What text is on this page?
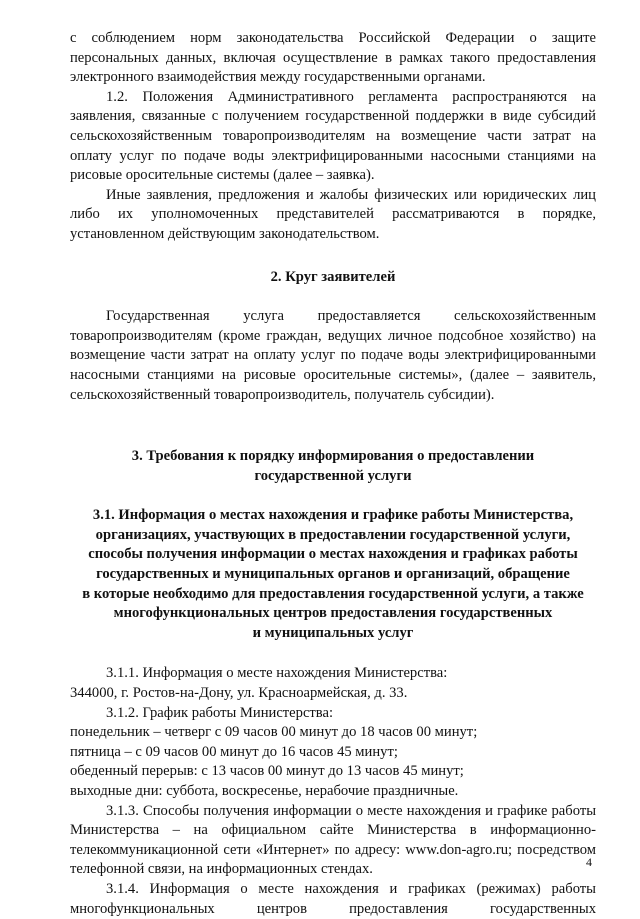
с соблюдением норм законодательства Российской Федерации о защите персональных данных, включая осуществление в рамках такого предоставления электронного взаимодействия между государственными органами.

1.2. Положения Административного регламента распространяются на заявления, связанные с получением государственной поддержки в виде субсидий сельскохозяйственным товаропроизводителям на возмещение части затрат на оплату услуг по подаче воды электрифицированными насосными станциями на рисовые оросительные системы (далее – заявка).

Иные заявления, предложения и жалобы физических или юридических лиц либо их уполномоченных представителей рассматриваются в порядке, установленном действующим законодательством.

2. Круг заявителей

Государственная услуга предоставляется сельскохозяйственным товаропроизводителям (кроме граждан, ведущих личное подсобное хозяйство) на возмещение части затрат на оплату услуг по подаче воды электрифицированными насосными станциями на рисовые оросительные системы», (далее – заявитель, сельскохозяйственный товаропроизводитель, получатель субсидии).

3. Требования к порядку информирования о предоставлении
государственной услуги
3.1. Информация о местах нахождения и графике работы Министерства,
организациях, участвующих в предоставлении государственной услуги,
способы получения информации о местах нахождения и графиках работы
государственных и муниципальных органов и организаций, обращение
в которые необходимо для предоставления государственной услуги, а также
многофункциональных центров предоставления государственных
и муниципальных услуг

3.1.1. Информация о месте нахождения Министерства:

344000, г. Ростов-на-Дону, ул. Красноармейская, д. 33.

3.1.2. График работы Министерства:

понедельник – четверг с 09 часов 00 минут до 18 часов 00 минут;

пятница – с 09 часов 00 минут до 16 часов 45 минут;

обеденный перерыв: с 13 часов 00 минут до 13 часов 45 минут;

выходные дни: суббота, воскресенье, нерабочие праздничные.

3.1.3. Способы получения информации о месте нахождения и графике работы Министерства – на официальном сайте Министерства в информационно-телекоммуникационной сети «Интернет» по адресу: www.don-agro.ru; посредством телефонной связи, на информационных стендах.

3.1.4. Информация о месте нахождения и графиках (режимах) работы многофункциональных центров предоставления государственных

4
